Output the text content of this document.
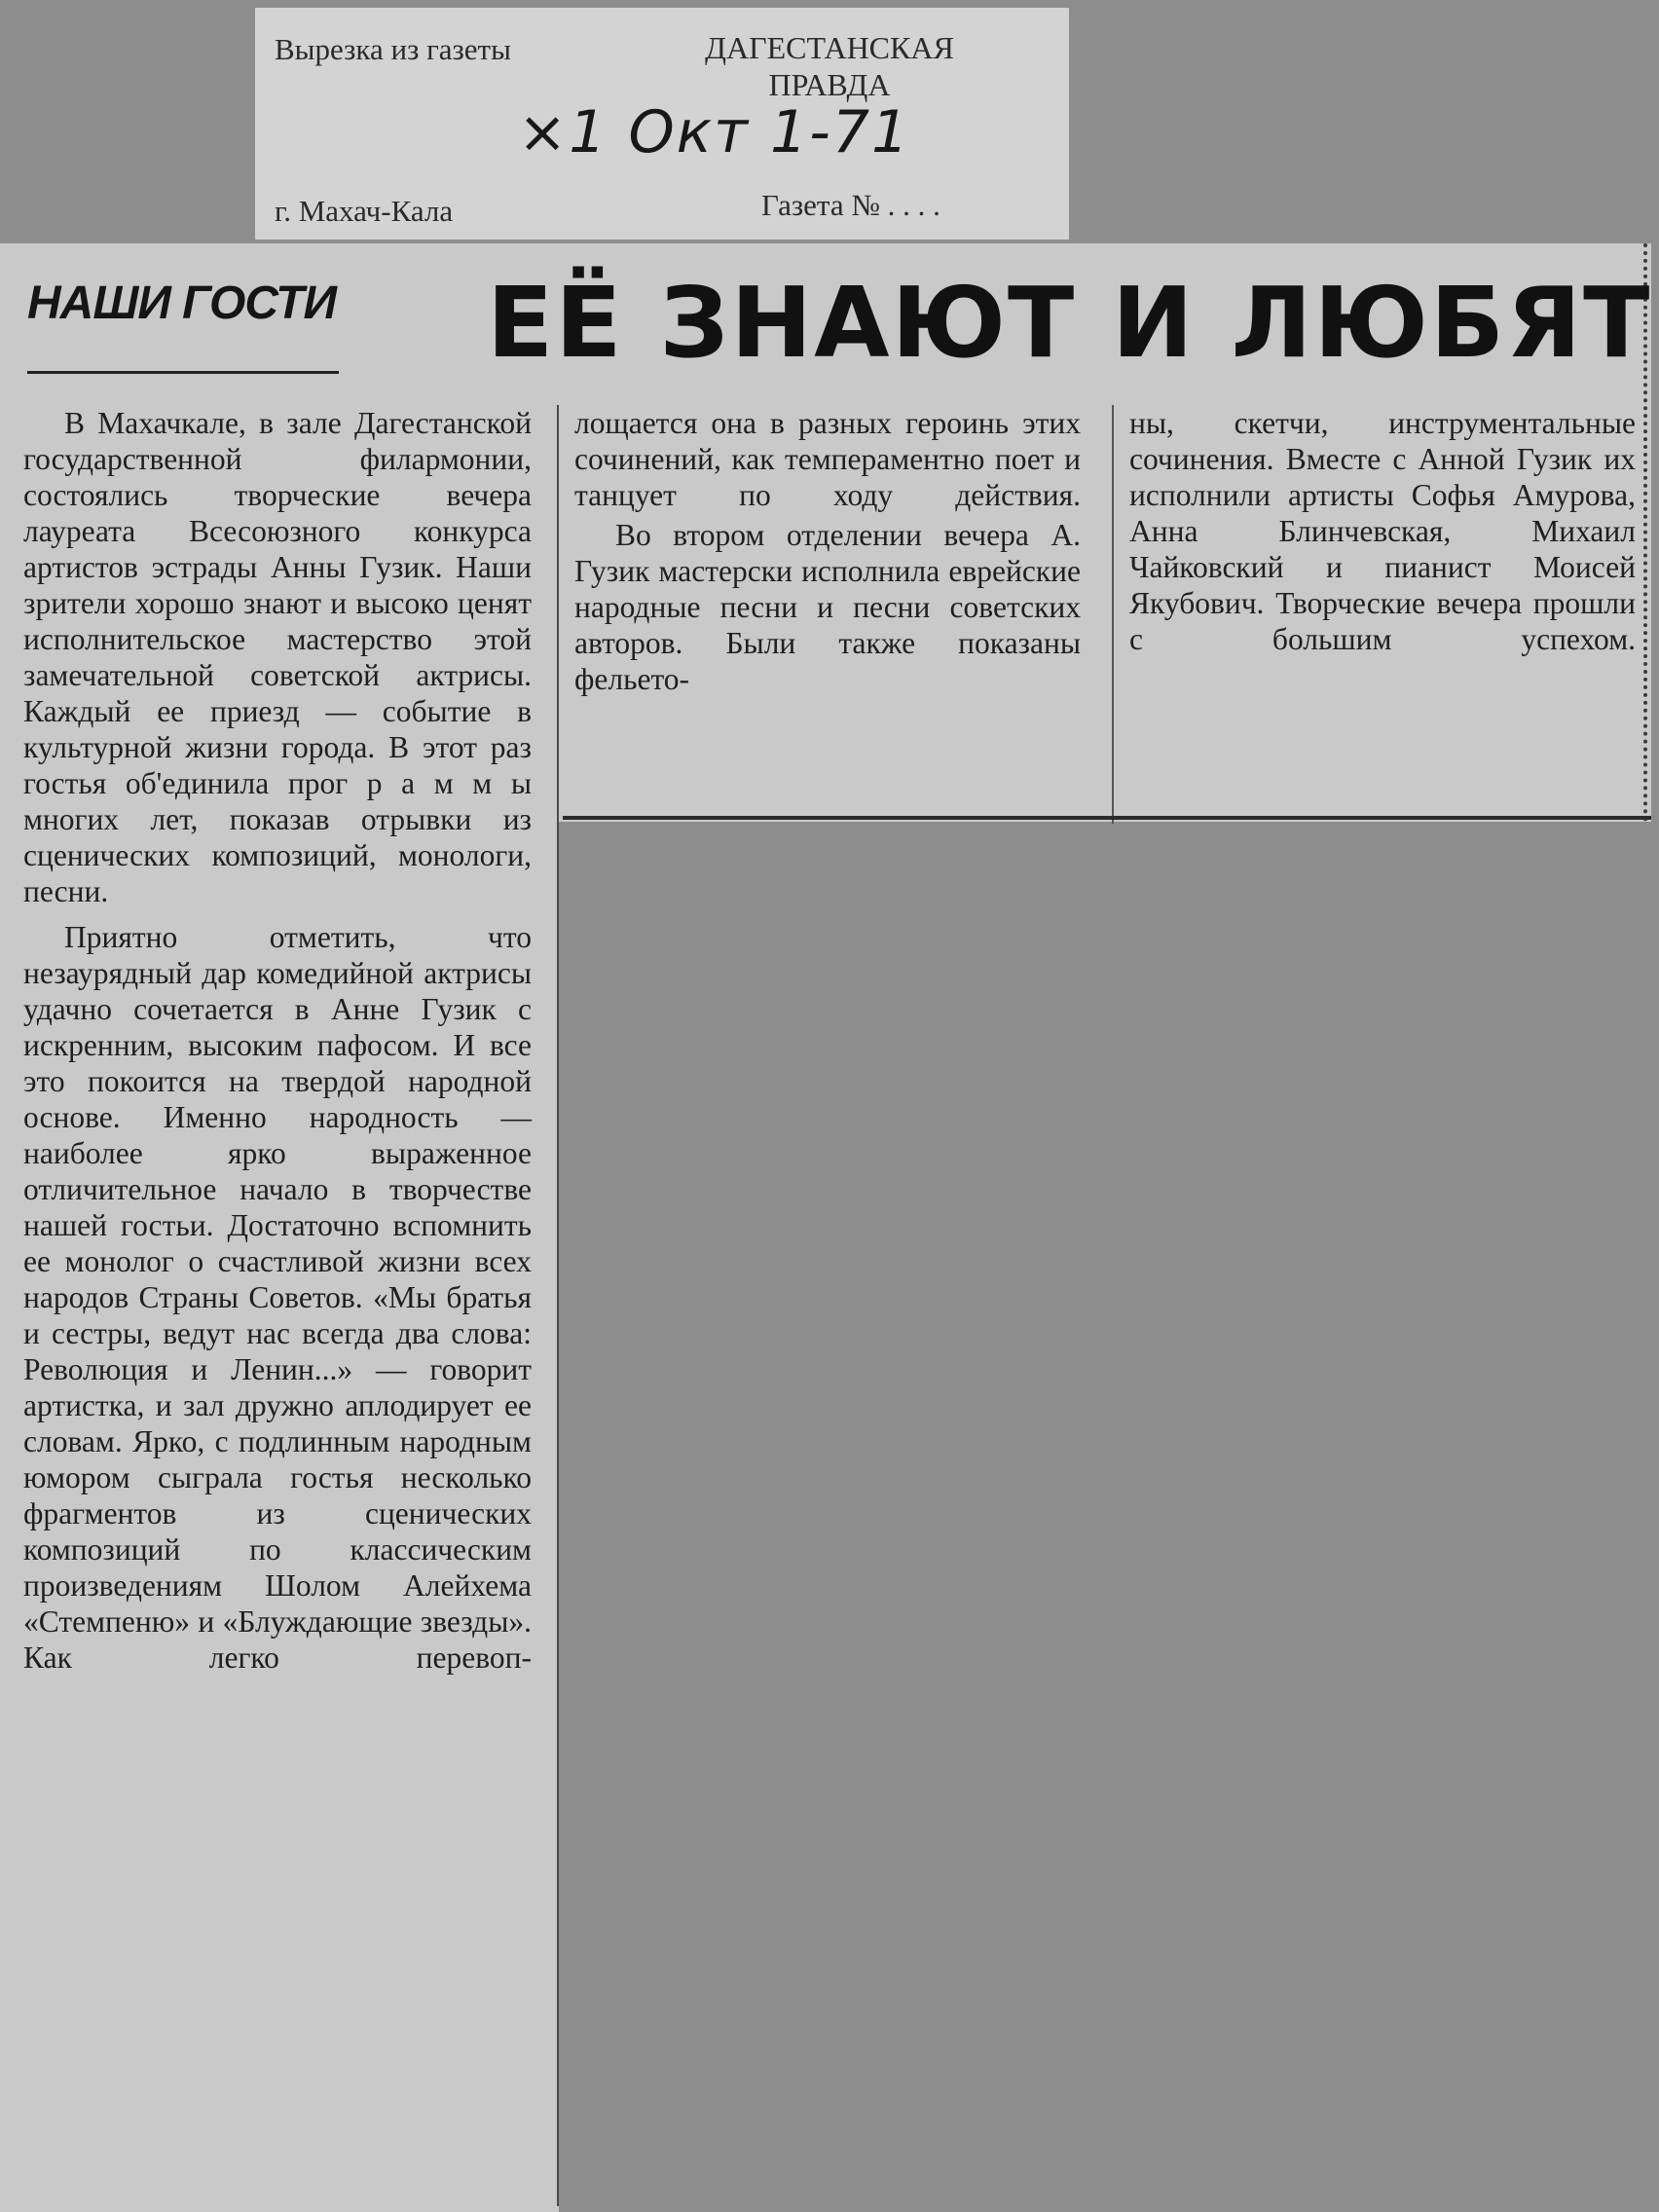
Вырезка из газеты	ДАГЕСТАНСКАЯ ПРАВДА
×1 Окт 1-71
г. Махач-Кала	Газета № . . . .
НАШИ ГОСТИ ЕЁ ЗНАЮТ И ЛЮБЯТ

В Махачкале, в зале Дагестанской государственной филармонии, состоялись творческие вечера лауреата Всесоюзного конкурса артистов эстрады Анны Гузик. Наши зрители хорошо знают и высоко ценят исполнительское мастерство этой замечательной советской актрисы. Каждый ее приезд — событие в культурной жизни города. В этот раз гостья об'единила прог р а м м ы многих лет, показав отрывки из сценических композиций, монологи, песни.

Приятно отметить, что незаурядный дар комедийной актрисы удачно сочетается в Анне Гузик с искренним, высоким пафосом. И все это покоится на твердой народной основе. Именно народность — наиболее ярко выраженное отличительное начало в творчестве нашей гостьи. Достаточно вспомнить ее монолог о счастливой жизни всех народов Страны Советов. «Мы братья и сестры, ведут нас всегда два слова: Революция и Ленин...» — говорит артистка, и зал дружно аплодирует ее словам. Ярко, с подлинным народным юмором сыграла гостья несколько фрагментов из сценических композиций по классическим произведениям Шолом Алейхема «Стемпеню» и «Блуждающие звезды». Как легко перевоп-

лощается она в разных героинь этих сочинений, как темпераментно поет и танцует по ходу действия.

Во втором отделении вечера А. Гузик мастерски исполнила еврейские народные песни и песни советских авторов. Были также показаны фельето-

ны, скетчи, инструментальные сочинения. Вместе с Анной Гузик их исполнили артисты Софья Амурова, Анна Блинчевская, Михаил Чайковский и пианист Моисей Якубович. Творческие вечера прошли с большим успехом.
